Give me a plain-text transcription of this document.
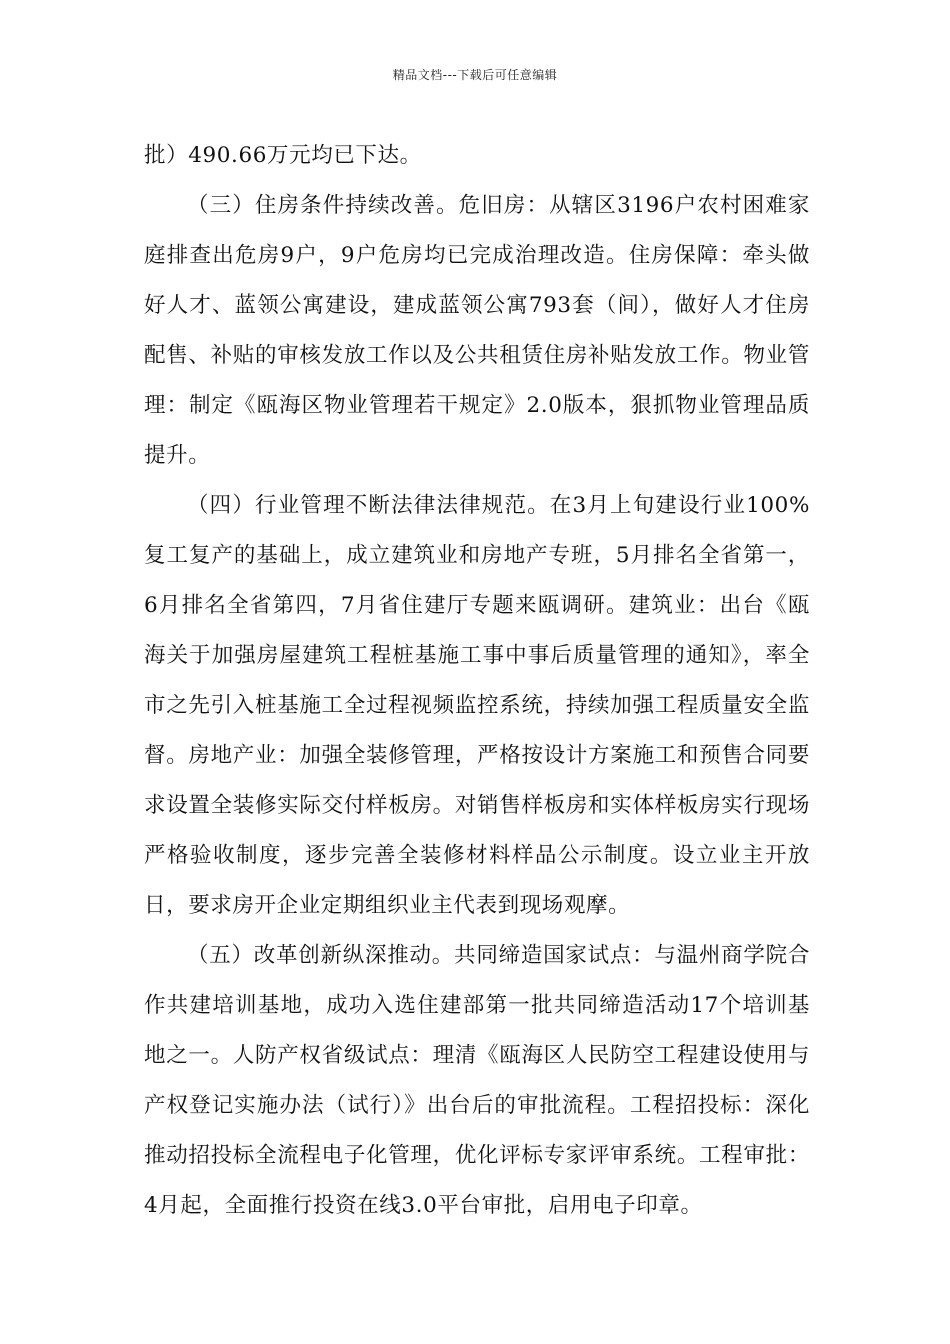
精品文档---下载后可任意编辑

批）490.66万元均已下达。

（三）住房条件持续改善。危旧房：从辖区3196户农村困难家庭排查出危房9户，9户危房均已完成治理改造。住房保障：牵头做好人才、蓝领公寓建设，建成蓝领公寓793套（间），做好人才住房配售、补贴的审核发放工作以及公共租赁住房补贴发放工作。物业管理：制定《瓯海区物业管理若干规定》2.0版本，狠抓物业管理品质提升。

（四）行业管理不断法律法律规范。在3月上旬建设行业100%复工复产的基础上，成立建筑业和房地产专班，5月排名全省第一，6月排名全省第四，7月省住建厅专题来瓯调研。建筑业：出台《瓯海关于加强房屋建筑工程桩基施工事中事后质量管理的通知》，率全市之先引入桩基施工全过程视频监控系统，持续加强工程质量安全监督。房地产业：加强全装修管理，严格按设计方案施工和预售合同要求设置全装修实际交付样板房。对销售样板房和实体样板房实行现场严格验收制度，逐步完善全装修材料样品公示制度。设立业主开放日，要求房开企业定期组织业主代表到现场观摩。

（五）改革创新纵深推动。共同缔造国家试点：与温州商学院合作共建培训基地，成功入选住建部第一批共同缔造活动17个培训基地之一。人防产权省级试点：理清《瓯海区人民防空工程建设使用与产权登记实施办法（试行）》出台后的审批流程。工程招投标：深化推动招投标全流程电子化管理，优化评标专家评审系统。工程审批：4月起，全面推行投资在线3.0平台审批，启用电子印章。
